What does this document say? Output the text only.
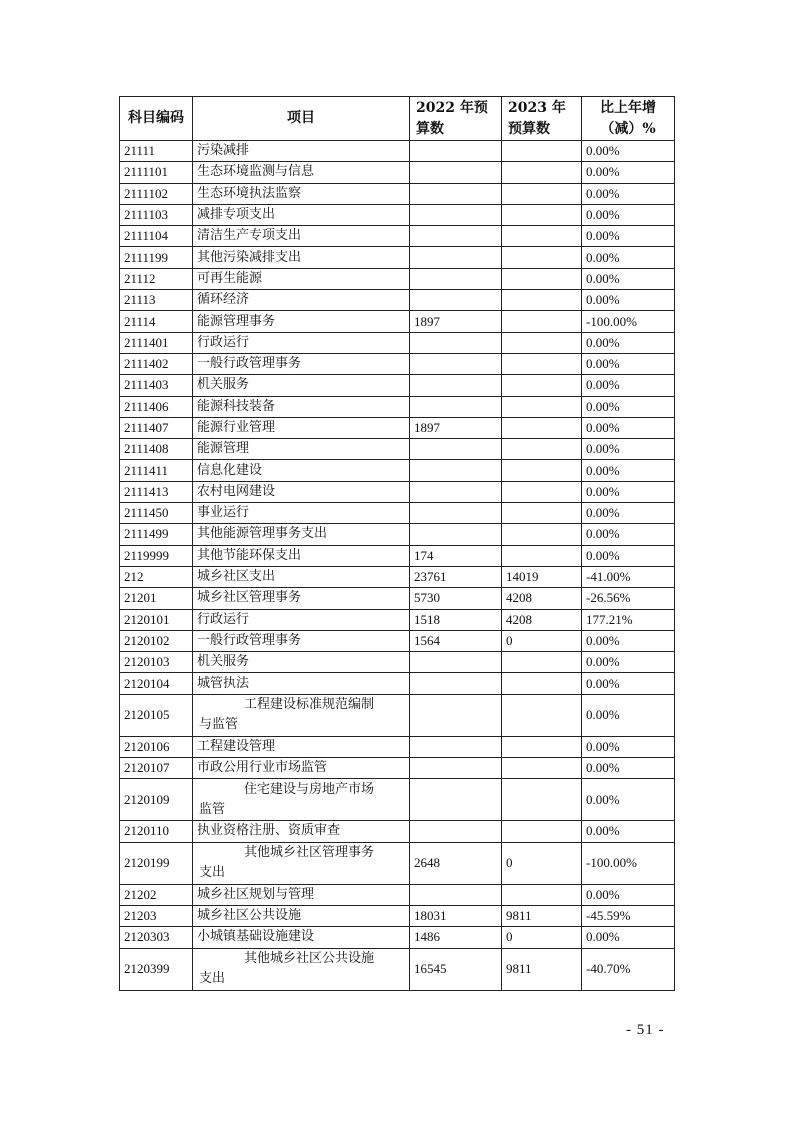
科目编码	项目	2022 年预算数	2023 年预算数	比上年增（减）%
21111	污染减排			0.00%
2111101	生态环境监测与信息			0.00%
2111102	生态环境执法监察			0.00%
2111103	减排专项支出			0.00%
2111104	清洁生产专项支出			0.00%
2111199	其他污染减排支出			0.00%
21112	可再生能源			0.00%
21113	循环经济			0.00%
21114	能源管理事务	1897		-100.00%
2111401	行政运行			0.00%
2111402	一般行政管理事务			0.00%
2111403	机关服务			0.00%
2111406	能源科技装备			0.00%
2111407	能源行业管理	1897		0.00%
2111408	能源管理			0.00%
2111411	信息化建设			0.00%
2111413	农村电网建设			0.00%
2111450	事业运行			0.00%
2111499	其他能源管理事务支出			0.00%
2119999	其他节能环保支出	174		0.00%
212	城乡社区支出	23761	14019	-41.00%
21201	城乡社区管理事务	5730	4208	-26.56%
2120101	行政运行	1518	4208	177.21%
2120102	一般行政管理事务	1564	0	0.00%
2120103	机关服务			0.00%
2120104	城管执法			0.00%
2120105	工程建设标准规范编制
与监管			0.00%
2120106	工程建设管理			0.00%
2120107	市政公用行业市场监管			0.00%
2120109	住宅建设与房地产市场
监管			0.00%
2120110	执业资格注册、资质审查			0.00%
2120199	其他城乡社区管理事务
支出	2648	0	-100.00%
21202	城乡社区规划与管理			0.00%
21203	城乡社区公共设施	18031	9811	-45.59%
2120303	小城镇基础设施建设	1486	0	0.00%
2120399	其他城乡社区公共设施
支出	16545	9811	-40.70%
- 51 -
